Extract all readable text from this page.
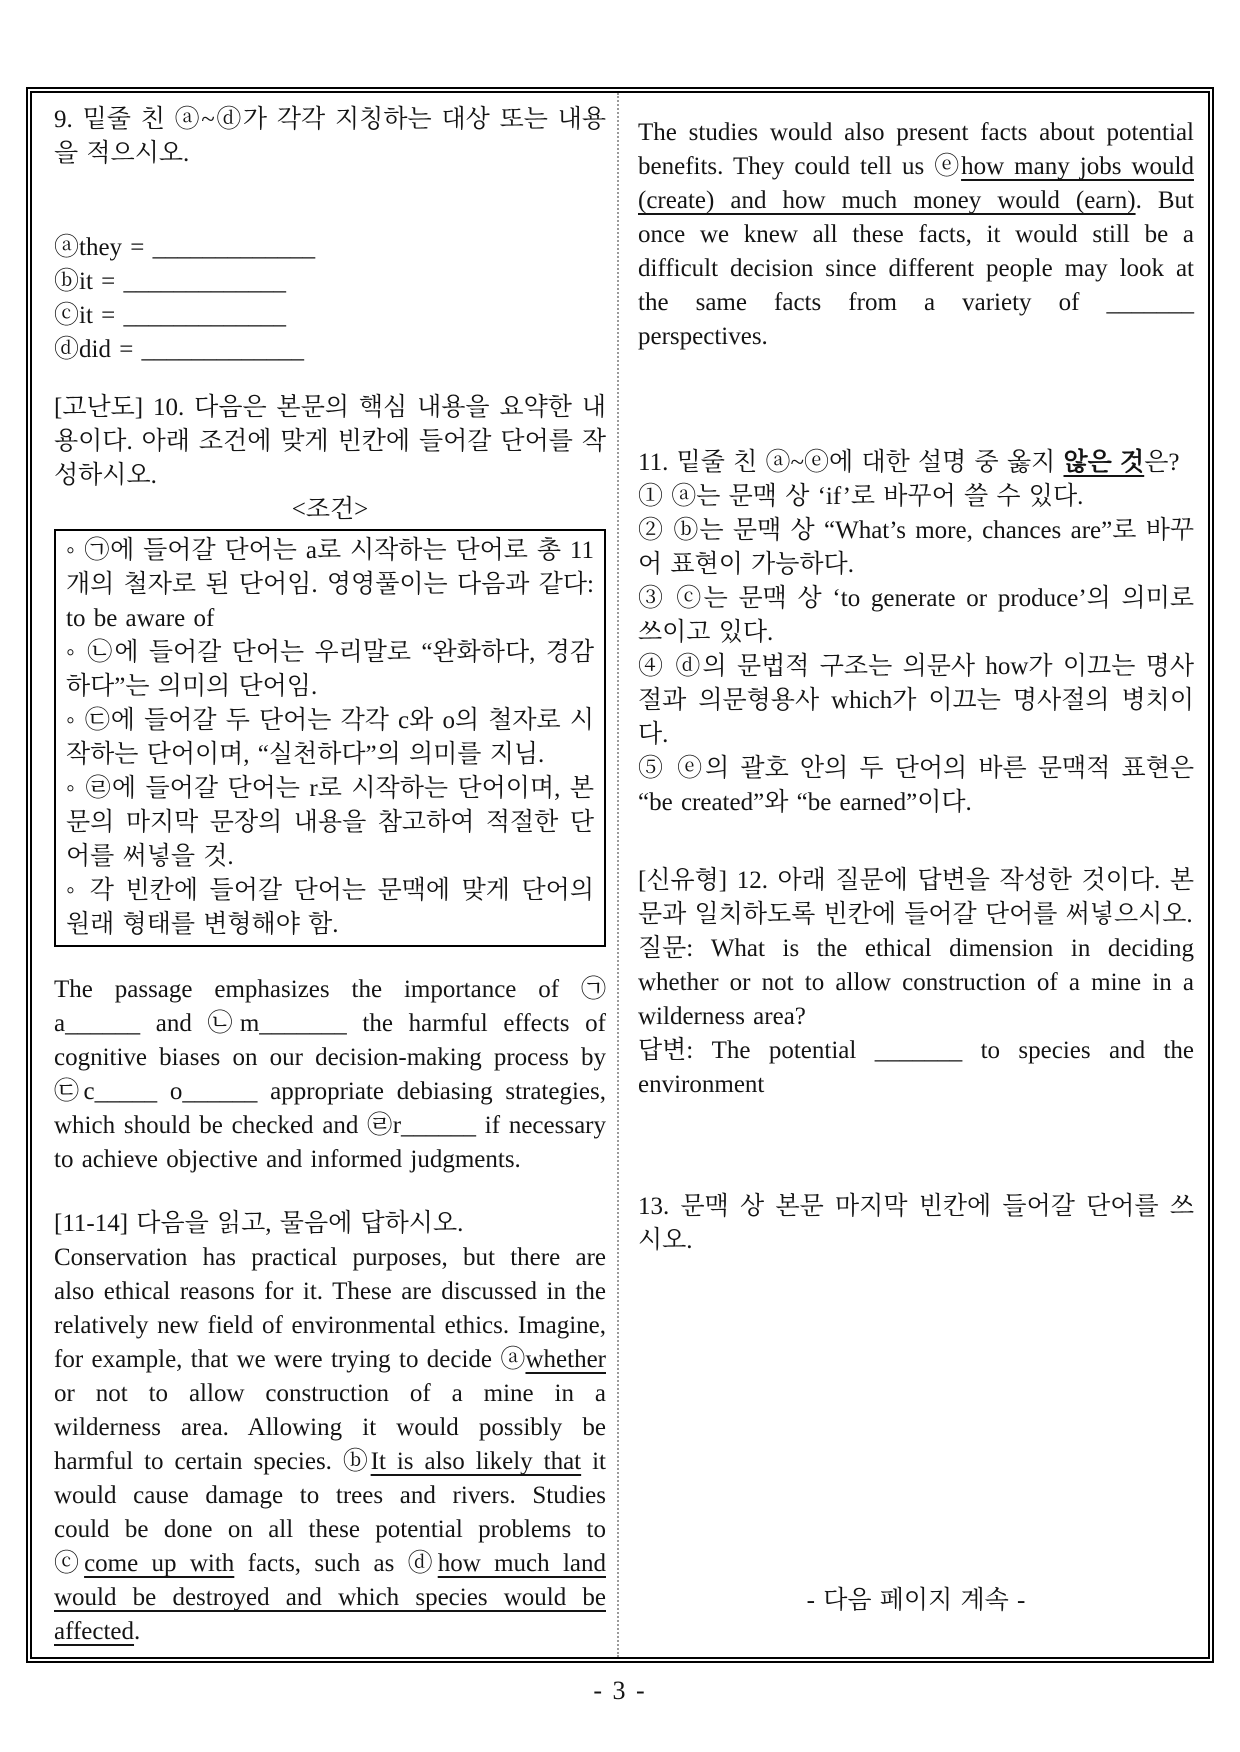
9. 밑줄 친 ⓐ~ⓓ가 각각 지칭하는 대상 또는 내용을 적으시오.

ⓐthey = _____________

ⓑit = _____________

ⓒit = _____________

ⓓdid = _____________

[고난도] 10. 다음은 본문의 핵심 내용을 요약한 내용이다. 아래 조건에 맞게 빈칸에 들어갈 단어를 작성하시오.

<조건>

◦ ㉠에 들어갈 단어는 a로 시작하는 단어로 총 11개의 철자로 된 단어임. 영영풀이는 다음과 같다: to be aware of

◦ ㉡에 들어갈 단어는 우리말로 “완화하다, 경감하다”는 의미의 단어임.

◦ ㉢에 들어갈 두 단어는 각각 c와 o의 철자로 시작하는 단어이며, “실천하다”의 의미를 지님.

◦ ㉣에 들어갈 단어는 r로 시작하는 단어이며, 본문의 마지막 문장의 내용을 참고하여 적절한 단어를 써넣을 것.

◦ 각 빈칸에 들어갈 단어는 문맥에 맞게 단어의 원래 형태를 변형해야 함.

The passage emphasizes the importance of ㉠a______ and ㉡m_______ the harmful effects of cognitive biases on our decision-making process by ㉢c_____ o______ appropriate debiasing strategies, which should be checked and ㉣r______ if necessary to achieve objective and informed judgments.

[11-14] 다음을 읽고, 물음에 답하시오.

Conservation has practical purposes, but there are also ethical reasons for it. These are discussed in the relatively new field of environmental ethics. Imagine, for example, that we were trying to decide ⓐwhether or not to allow construction of a mine in a wilderness area. Allowing it would possibly be harmful to certain species. ⓑIt is also likely that it would cause damage to trees and rivers. Studies could be done on all these potential problems to ⓒcome up with facts, such as ⓓhow much land would be destroyed and which species would be affected.

The studies would also present facts about potential benefits. They could tell us ⓔhow many jobs would (create) and how much money would (earn). But once we knew all these facts, it would still be a difficult decision since different people may look at the same facts from a variety of _______ perspectives.

11. 밑줄 친 ⓐ~ⓔ에 대한 설명 중 옳지 않은 것은?

① ⓐ는 문맥 상 ‘if’로 바꾸어 쓸 수 있다.

② ⓑ는 문맥 상 “What’s more, chances are”로 바꾸어 표현이 가능하다.

③ ⓒ는 문맥 상 ‘to generate or produce’의 의미로 쓰이고 있다.

④ ⓓ의 문법적 구조는 의문사 how가 이끄는 명사절과 의문형용사 which가 이끄는 명사절의 병치이다.

⑤ ⓔ의 괄호 안의 두 단어의 바른 문맥적 표현은 “be created”와 “be earned”이다.

[신유형] 12. 아래 질문에 답변을 작성한 것이다. 본문과 일치하도록 빈칸에 들어갈 단어를 써넣으시오.

질문: What is the ethical dimension in deciding whether or not to allow construction of a mine in a wilderness area?

답변: The potential _______ to species and the environment

13. 문맥 상 본문 마지막 빈칸에 들어갈 단어를 쓰시오.

- 다음 페이지 계속 -

- 3 -
